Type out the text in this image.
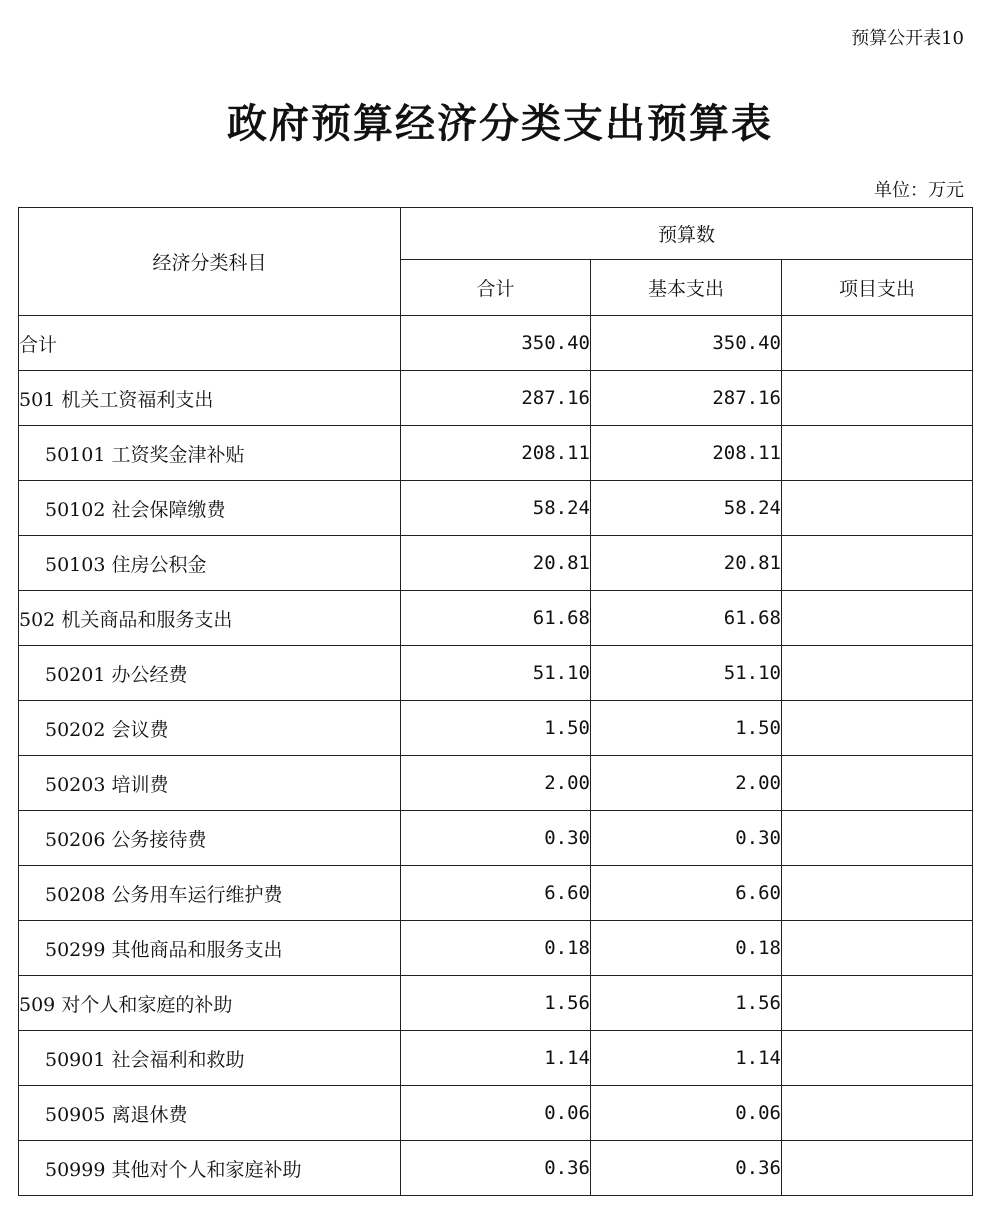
预算公开表10
政府预算经济分类支出预算表
单位：万元
经济分类科目	预算数		
	合计	基本支出	项目支出
合计	350.40	350.40	
501 机关工资福利支出	287.16	287.16	
50101 工资奖金津补贴	208.11	208.11	
50102 社会保障缴费	58.24	58.24	
50103 住房公积金	20.81	20.81	
502 机关商品和服务支出	61.68	61.68	
50201 办公经费	51.10	51.10	
50202 会议费	1.50	1.50	
50203 培训费	2.00	2.00	
50206 公务接待费	0.30	0.30	
50208 公务用车运行维护费	6.60	6.60	
50299 其他商品和服务支出	0.18	0.18	
509 对个人和家庭的补助	1.56	1.56	
50901 社会福利和救助	1.14	1.14	
50905 离退休费	0.06	0.06	
50999 其他对个人和家庭补助	0.36	0.36	
